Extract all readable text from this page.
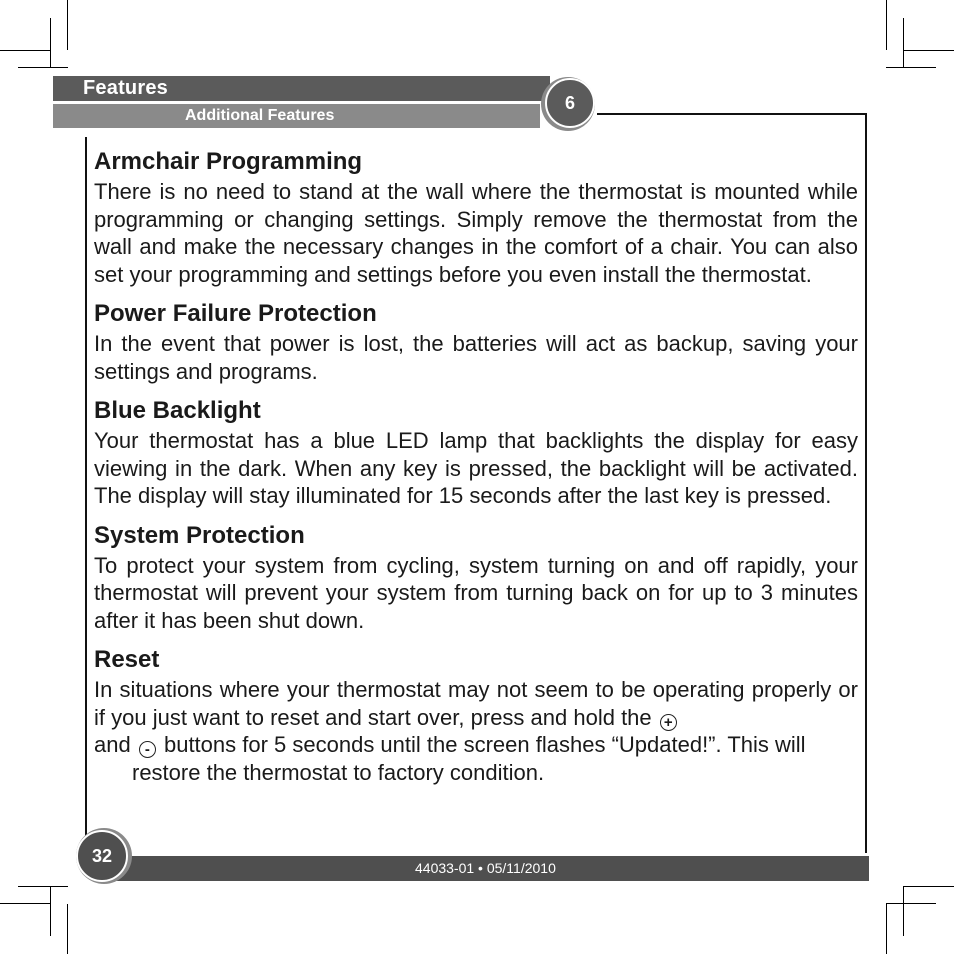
Features
Additional Features
6
Armchair Programming

There is no need to stand at the wall where the thermostat is mounted while programming or changing settings. Simply remove the thermostat from the wall and make the necessary changes in the comfort of a chair. You can also set your programming and settings before you even install the thermostat.

Power Failure Protection

In the event that power is lost, the batteries will act as backup, saving your settings and programs.

Blue Backlight

Your thermostat has a blue LED lamp that backlights the display for easy viewing in the dark. When any key is pressed, the backlight will be activated. The display will stay illuminated for 15 seconds after the last key is pressed.

System Protection

To protect your system from cycling, system turning on and off rapidly, your thermostat will prevent your system from turning back on for up to 3 minutes after it has been shut down.

Reset

In situations where your thermostat may not seem to be operating properly or if you just want to reset and start over, press and hold the +
and - buttons for 5 seconds until the screen flashes “Updated!”. This will

restore the thermostat to factory condition.

44033-01 • 05/11/2010
32
